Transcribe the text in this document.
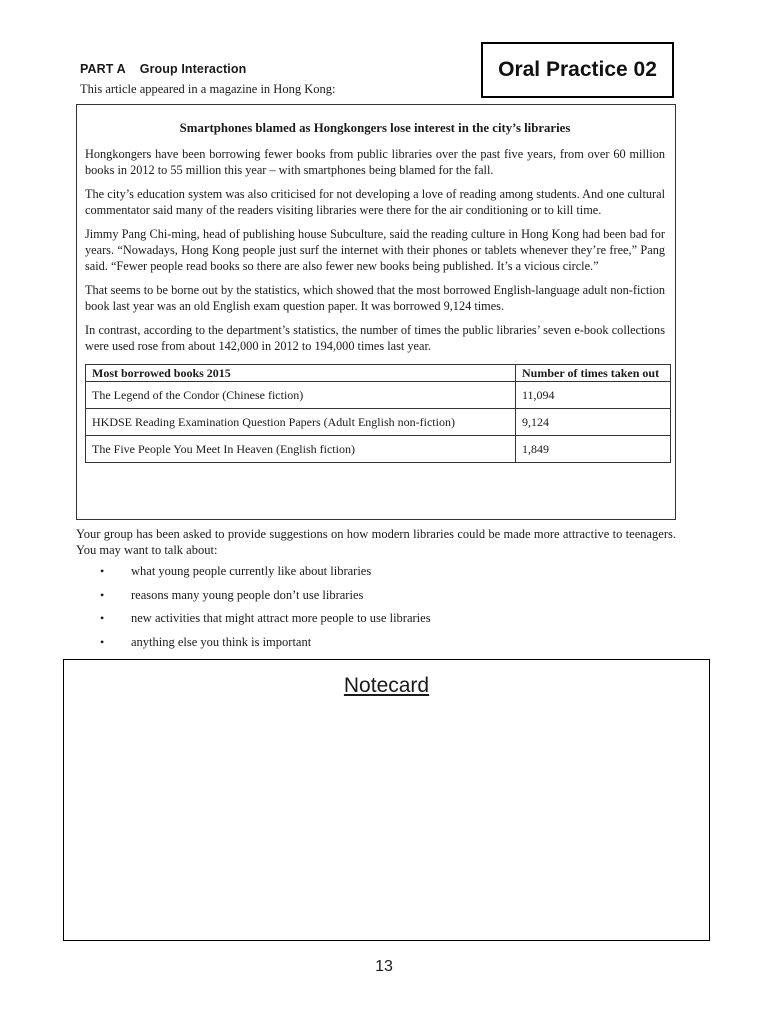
PART A Group Interaction
This article appeared in a magazine in Hong Kong:
Oral Practice 02
Smartphones blamed as Hongkongers lose interest in the city’s libraries

Hongkongers have been borrowing fewer books from public libraries over the past five years, from over 60 million books in 2012 to 55 million this year – with smartphones being blamed for the fall.

The city’s education system was also criticised for not developing a love of reading among students. And one cultural commentator said many of the readers visiting libraries were there for the air conditioning or to kill time.

Jimmy Pang Chi-ming, head of publishing house Subculture, said the reading culture in Hong Kong had been bad for years. “Nowadays, Hong Kong people just surf the internet with their phones or tablets whenever they’re free,” Pang said. “Fewer people read books so there are also fewer new books being published. It’s a vicious circle.”

That seems to be borne out by the statistics, which showed that the most borrowed English-language adult non-fiction book last year was an old English exam question paper. It was borrowed 9,124 times.

In contrast, according to the department’s statistics, the number of times the public libraries’ seven e-book collections were used rose from about 142,000 in 2012 to 194,000 times last year.

Most borrowed books 2015	Number of times taken out
The Legend of the Condor (Chinese fiction)	11,094
HKDSE Reading Examination Question Papers (Adult English non-fiction)	9,124
The Five People You Meet In Heaven (English fiction)	1,849
Your group has been asked to provide suggestions on how modern libraries could be made more attractive to teenagers. You may want to talk about:
•	what young people currently like about libraries
•	reasons many young people don’t use libraries
•	new activities that might attract more people to use libraries
•	anything else you think is important
Notecard
13
